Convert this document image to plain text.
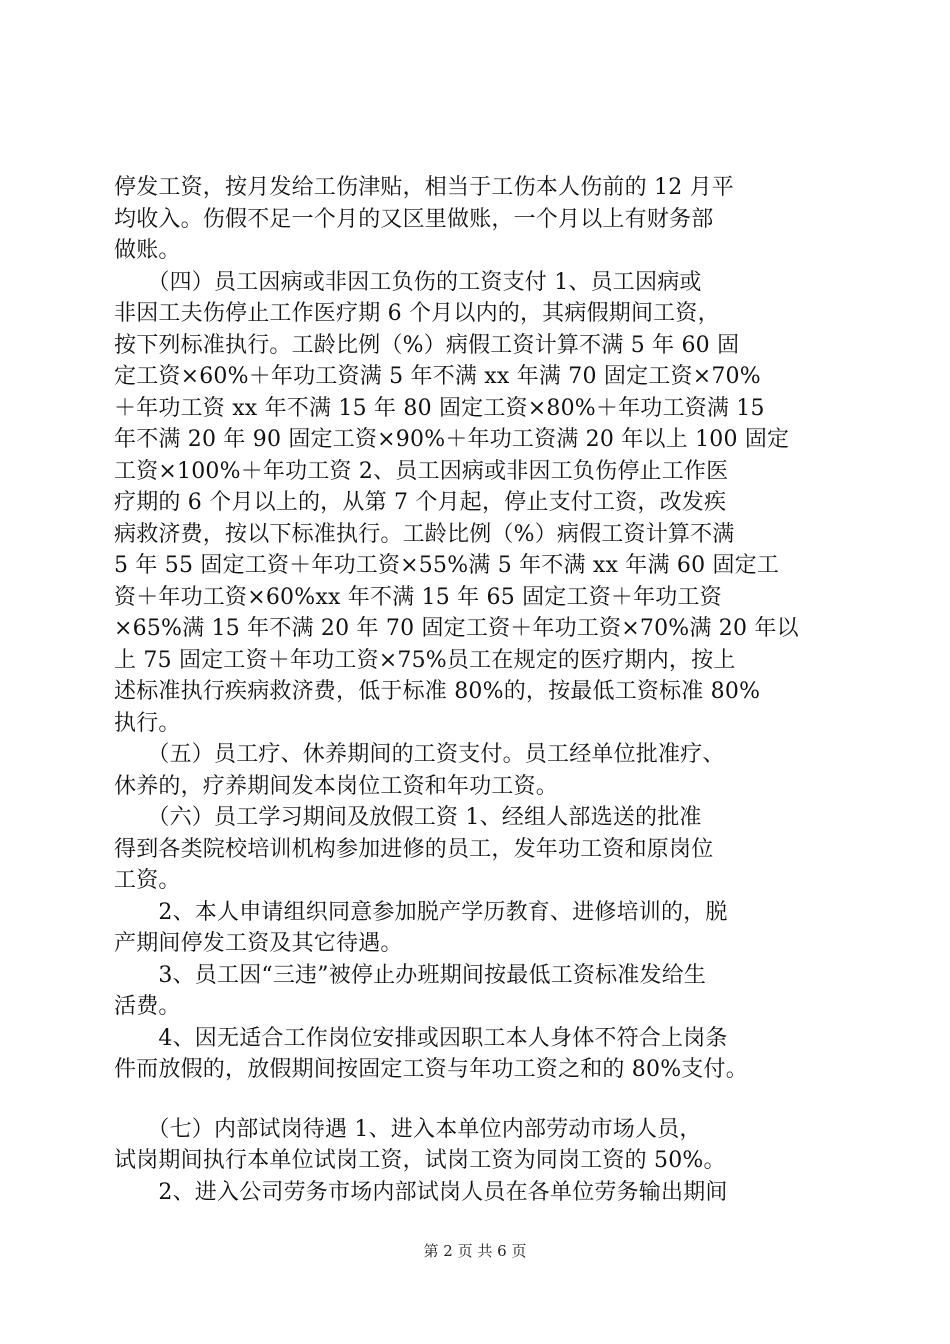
停发工资，按月发给工伤津贴，相当于工伤本人伤前的 12 月平
均收入。伤假不足一个月的又区里做账，一个月以上有财务部
做账。
　　（四）员工因病或非因工负伤的工资支付 1、员工因病或
非因工夫伤停止工作医疗期 6 个月以内的，其病假期间工资，
按下列标准执行。工龄比例（%）病假工资计算不满 5 年 60 固
定工资×60%＋年功工资满 5 年不满 xx 年满 70 固定工资×70%
＋年功工资 xx 年不满 15 年 80 固定工资×80%＋年功工资满 15
年不满 20 年 90 固定工资×90%＋年功工资满 20 年以上 100 固定
工资×100%＋年功工资 2、员工因病或非因工负伤停止工作医
疗期的 6 个月以上的，从第 7 个月起，停止支付工资，改发疾
病救济费，按以下标准执行。工龄比例（%）病假工资计算不满
5 年 55 固定工资＋年功工资×55%满 5 年不满 xx 年满 60 固定工
资＋年功工资×60%xx 年不满 15 年 65 固定工资＋年功工资
×65%满 15 年不满 20 年 70 固定工资＋年功工资×70%满 20 年以
上 75 固定工资＋年功工资×75%员工在规定的医疗期内，按上
述标准执行疾病救济费，低于标准 80%的，按最低工资标准 80%
执行。
　　（五）员工疗、休养期间的工资支付。员工经单位批准疗、
休养的，疗养期间发本岗位工资和年功工资。
　　（六）员工学习期间及放假工资 1、经组人部选送的批准
得到各类院校培训机构参加进修的员工，发年功工资和原岗位
工资。
　　2、本人申请组织同意参加脱产学历教育、进修培训的，脱
产期间停发工资及其它待遇。
　　3、员工因“三违”被停止办班期间按最低工资标准发给生
活费。
　　4、因无适合工作岗位安排或因职工本人身体不符合上岗条
件而放假的，放假期间按固定工资与年功工资之和的 80%支付。
　　（七）内部试岗待遇 1、进入本单位内部劳动市场人员，
试岗期间执行本单位试岗工资，试岗工资为同岗工资的 50%。
　　2、进入公司劳务市场内部试岗人员在各单位劳务输出期间
第 2 页 共 6 页
